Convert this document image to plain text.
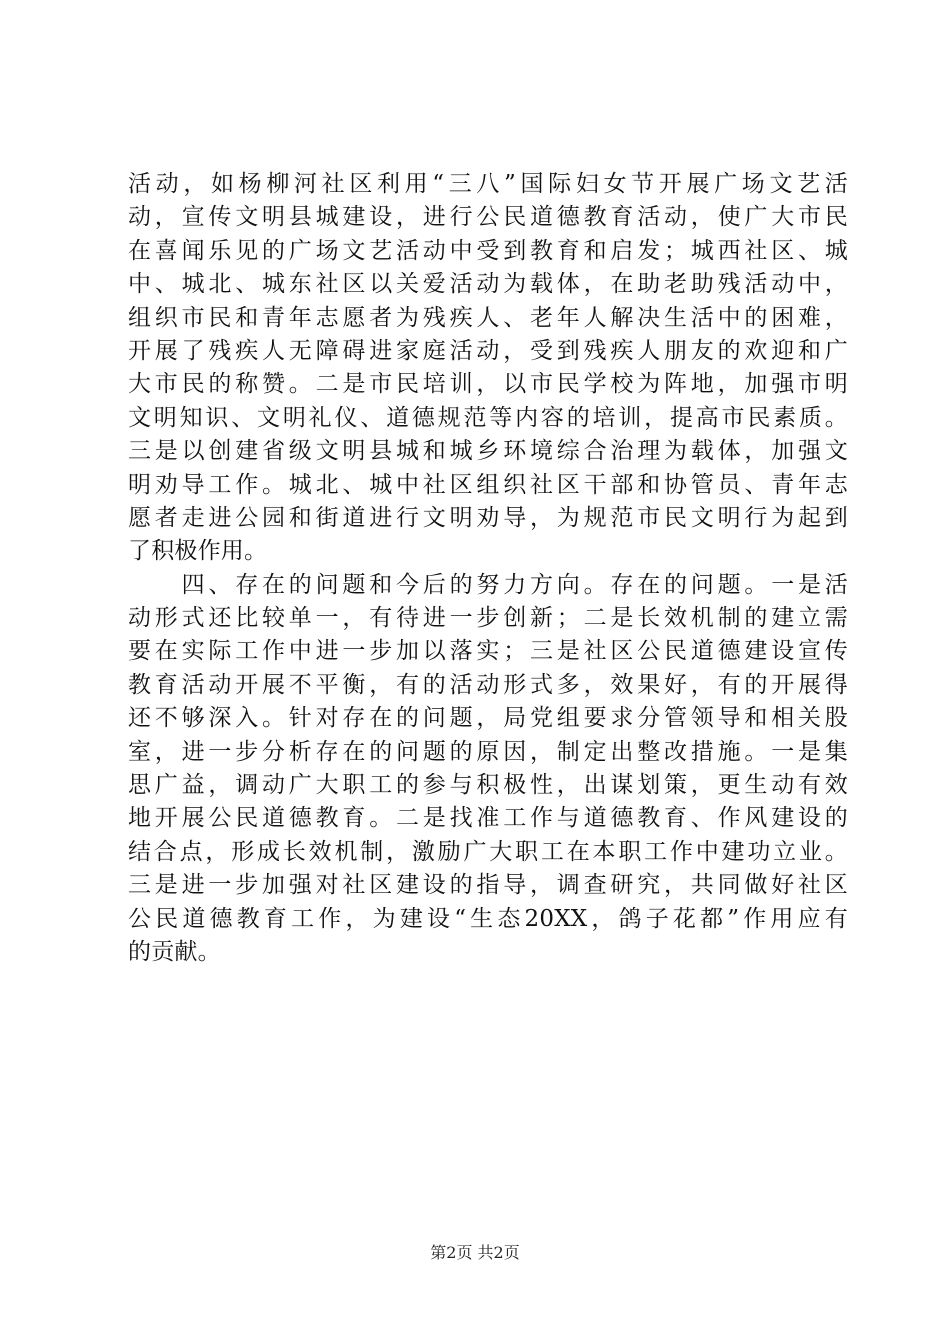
活动，如杨柳河社区利用“三八”国际妇女节开展广场文艺活
动，宣传文明县城建设，进行公民道德教育活动，使广大市民
在喜闻乐见的广场文艺活动中受到教育和启发；城西社区、城
中、城北、城东社区以关爱活动为载体，在助老助残活动中，
组织市民和青年志愿者为残疾人、老年人解决生活中的困难，
开展了残疾人无障碍进家庭活动，受到残疾人朋友的欢迎和广
大市民的称赞。二是市民培训，以市民学校为阵地，加强市明
文明知识、文明礼仪、道德规范等内容的培训，提高市民素质。
三是以创建省级文明县城和城乡环境综合治理为载体，加强文
明劝导工作。城北、城中社区组织社区干部和协管员、青年志
愿者走进公园和街道进行文明劝导，为规范市民文明行为起到
了积极作用。
　　四、存在的问题和今后的努力方向。存在的问题。一是活
动形式还比较单一，有待进一步创新；二是长效机制的建立需
要在实际工作中进一步加以落实；三是社区公民道德建设宣传
教育活动开展不平衡，有的活动形式多，效果好，有的开展得
还不够深入。针对存在的问题，局党组要求分管领导和相关股
室，进一步分析存在的问题的原因，制定出整改措施。一是集
思广益，调动广大职工的参与积极性，出谋划策，更生动有效
地开展公民道德教育。二是找准工作与道德教育、作风建设的
结合点，形成长效机制，激励广大职工在本职工作中建功立业。
三是进一步加强对社区建设的指导，调查研究，共同做好社区
公民道德教育工作，为建设“生态20XX，鸽子花都”作用应有
的贡献。
第2页 共2页
